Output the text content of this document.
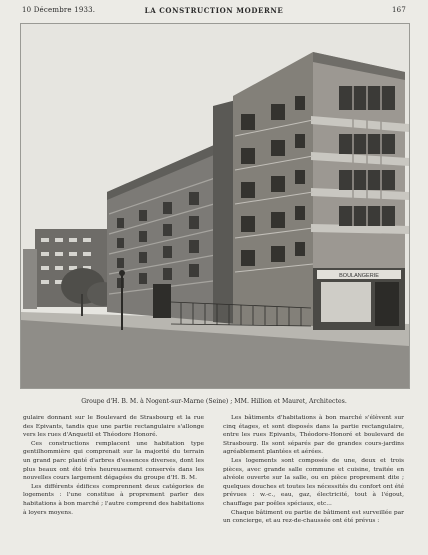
10 Décembre 1933.	LA CONSTRUCTION MODERNE	167
BOULANGERIE
Groupe d'H. B. M. à Nogent-sur-Marne (Seine) ; MM. Hillion et Mauret, Architectes.

gulaire donnant sur le Boulevard de Strasbourg et la rue des Epivants, tandis que une partie rectangulaire s'allonge vers les rues d'Anquetil et Théodore Honoré.

Ces constructions remplacent une habitation type gentilhommière qui comprenait sur la majorité du terrain un grand parc planté d'arbres d'essences diverses, dont les plus beaux ont été très heureusement conservés dans les nouvelles cours largement dégagées du groupe d'H. B. M.

Les différents édifices comprennent deux catégories de logements : l'une constitue à proprement parler des habitations à bon marché ; l'autre comprend des habitations à loyers moyens.

Les bâtiments d'habitations à bon marché s'élèvent sur cinq étages, et sont disposés dans la partie rectangulaire, entre les rues Epivants, Théodore-Honoré et boulevard de Strasbourg. Ils sont séparés par de grandes cours-jardins agréablement plantées et aérées.

Les logements sont composés de une, deux et trois pièces, avec grande salle commune et cuisine, traitée en alvéole ouverte sur la salle, ou en pièce proprement dite ; quelques douches et toutes les nécessités du confort ont été prévues : w.-c., eau, gaz, électricité, tout à l'égout, chauffage par poêles spéciaux, etc...

Chaque bâtiment ou partie de bâtiment est surveillée par un concierge, et au rez-de-chaussée ont été prévus :
